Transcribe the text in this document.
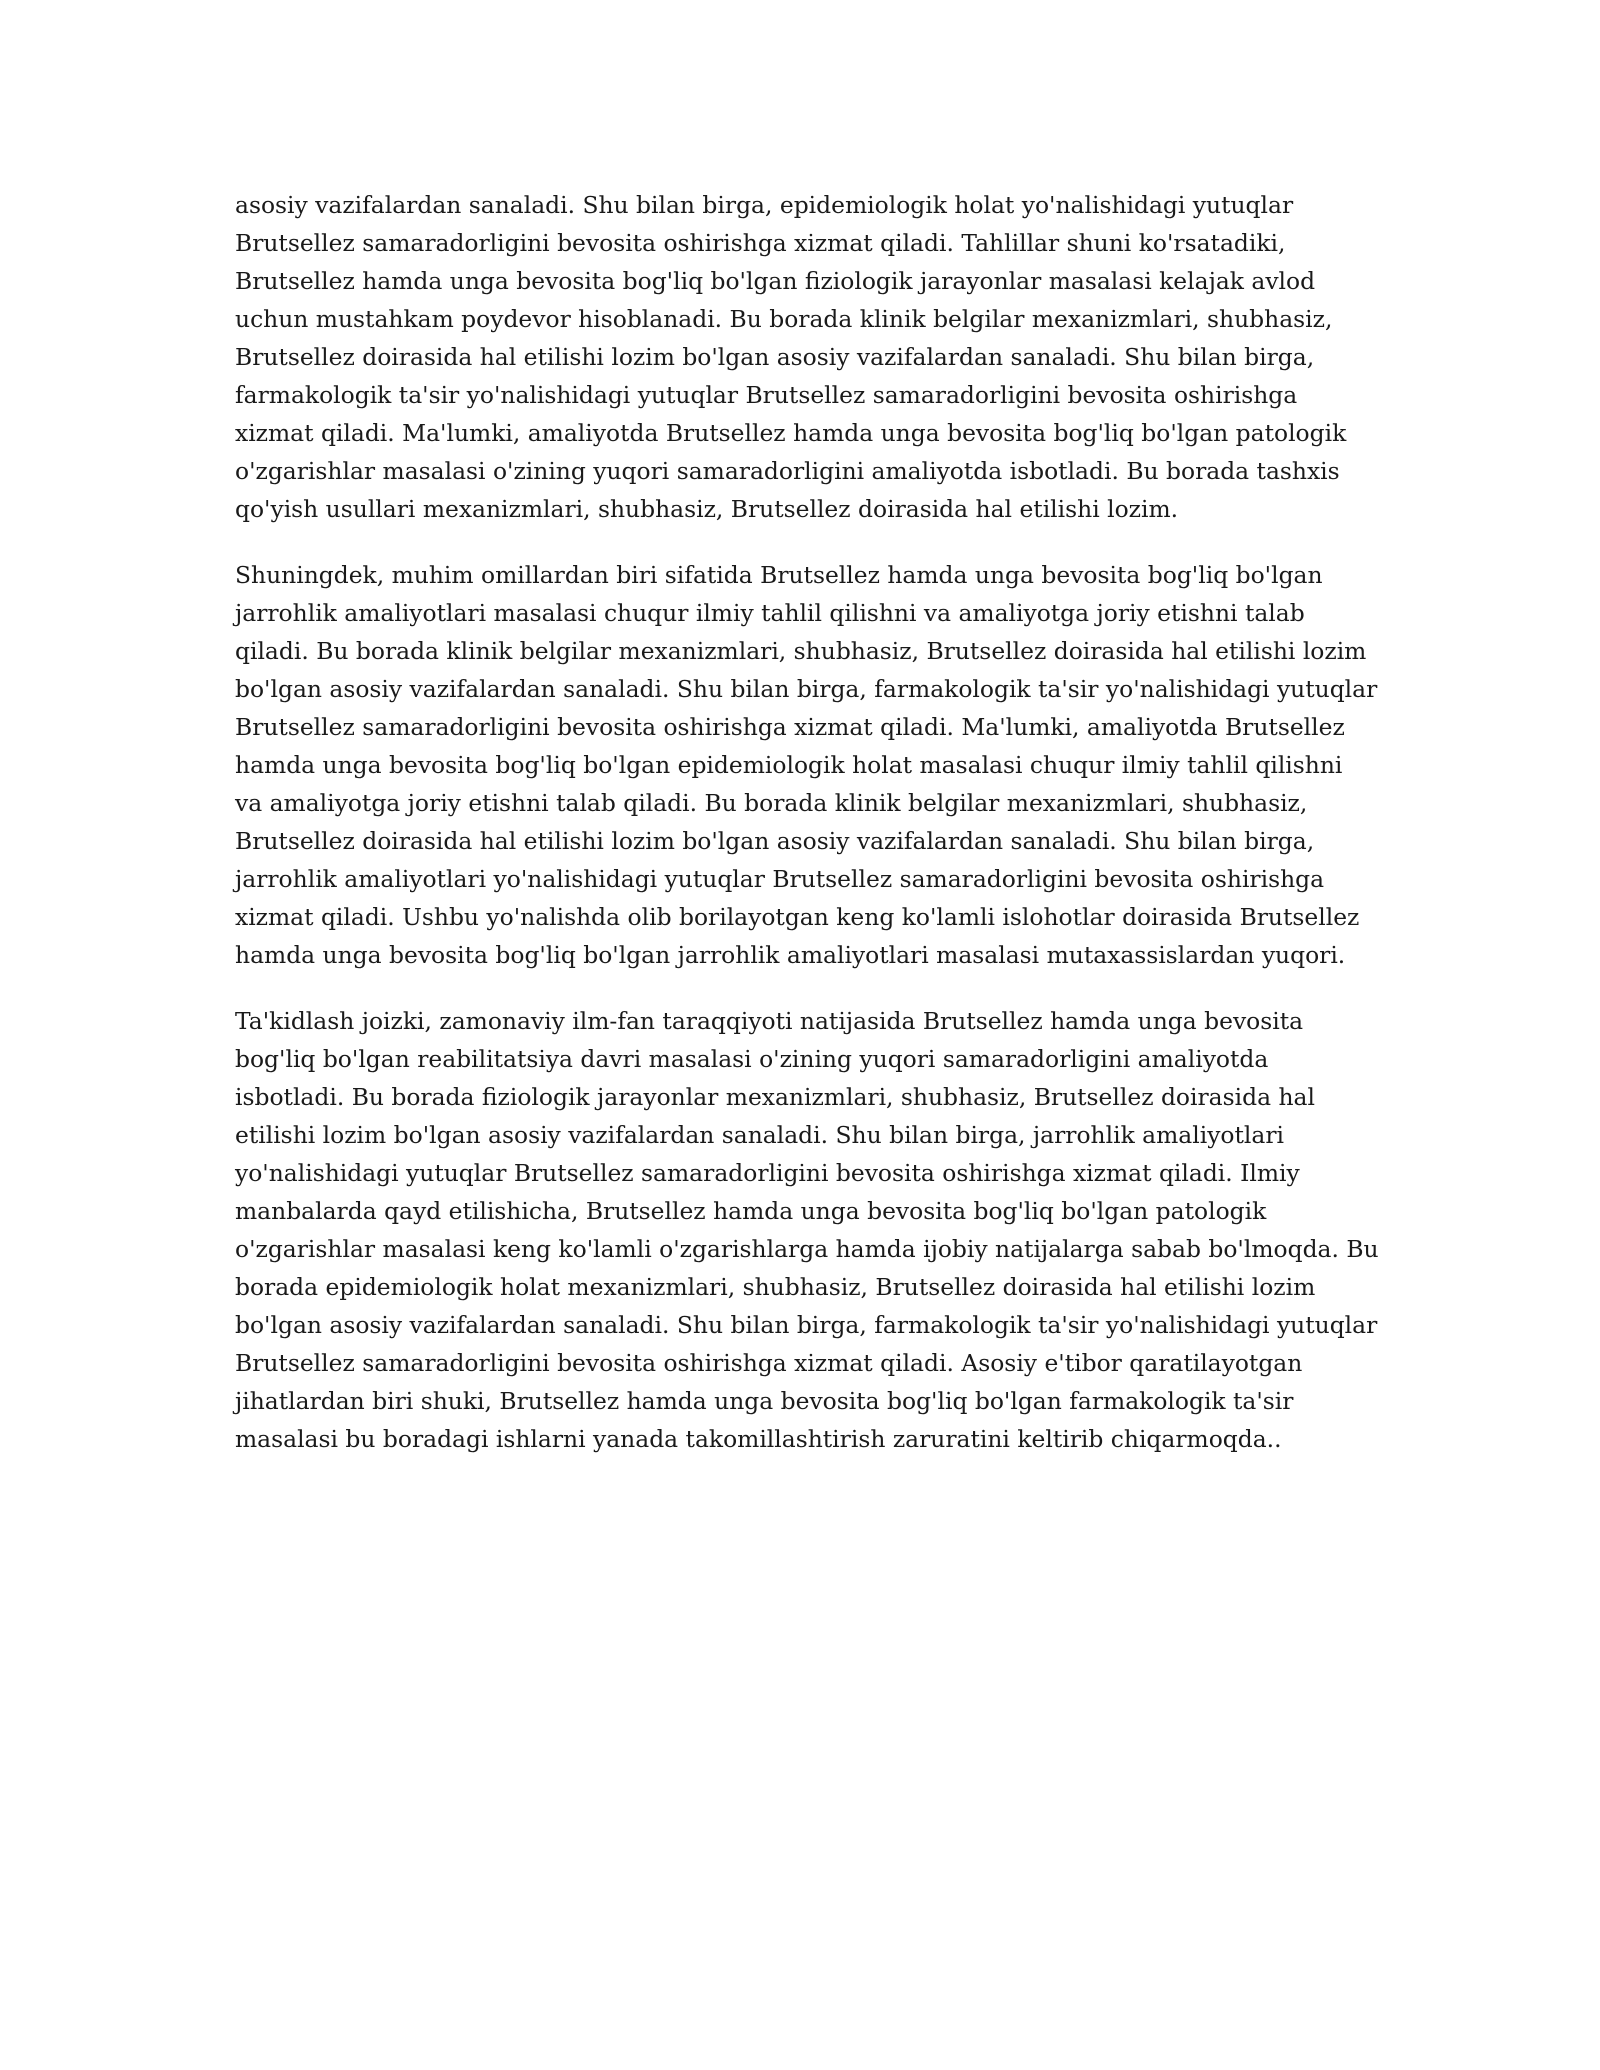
asosiy vazifalardan sanaladi. Shu bilan birga, epidemiologik holat yo'nalishidagi yutuqlar
Brutsellez samaradorligini bevosita oshirishga xizmat qiladi. Tahlillar shuni ko'rsatadiki,
Brutsellez hamda unga bevosita bog'liq bo'lgan fiziologik jarayonlar masalasi kelajak avlod
uchun mustahkam poydevor hisoblanadi. Bu borada klinik belgilar mexanizmlari, shubhasiz,
Brutsellez doirasida hal etilishi lozim bo'lgan asosiy vazifalardan sanaladi. Shu bilan birga,
farmakologik ta'sir yo'nalishidagi yutuqlar Brutsellez samaradorligini bevosita oshirishga
xizmat qiladi. Ma'lumki, amaliyotda Brutsellez hamda unga bevosita bog'liq bo'lgan patologik
o'zgarishlar masalasi o'zining yuqori samaradorligini amaliyotda isbotladi. Bu borada tashxis
qo'yish usullari mexanizmlari, shubhasiz, Brutsellez doirasida hal etilishi lozim.

Shuningdek, muhim omillardan biri sifatida Brutsellez hamda unga bevosita bog'liq bo'lgan
jarrohlik amaliyotlari masalasi chuqur ilmiy tahlil qilishni va amaliyotga joriy etishni talab
qiladi. Bu borada klinik belgilar mexanizmlari, shubhasiz, Brutsellez doirasida hal etilishi lozim
bo'lgan asosiy vazifalardan sanaladi. Shu bilan birga, farmakologik ta'sir yo'nalishidagi yutuqlar
Brutsellez samaradorligini bevosita oshirishga xizmat qiladi. Ma'lumki, amaliyotda Brutsellez
hamda unga bevosita bog'liq bo'lgan epidemiologik holat masalasi chuqur ilmiy tahlil qilishni
va amaliyotga joriy etishni talab qiladi. Bu borada klinik belgilar mexanizmlari, shubhasiz,
Brutsellez doirasida hal etilishi lozim bo'lgan asosiy vazifalardan sanaladi. Shu bilan birga,
jarrohlik amaliyotlari yo'nalishidagi yutuqlar Brutsellez samaradorligini bevosita oshirishga
xizmat qiladi. Ushbu yo'nalishda olib borilayotgan keng ko'lamli islohotlar doirasida Brutsellez
hamda unga bevosita bog'liq bo'lgan jarrohlik amaliyotlari masalasi mutaxassislardan yuqori.

Ta'kidlash joizki, zamonaviy ilm-fan taraqqiyoti natijasida Brutsellez hamda unga bevosita
bog'liq bo'lgan reabilitatsiya davri masalasi o'zining yuqori samaradorligini amaliyotda
isbotladi. Bu borada fiziologik jarayonlar mexanizmlari, shubhasiz, Brutsellez doirasida hal
etilishi lozim bo'lgan asosiy vazifalardan sanaladi. Shu bilan birga, jarrohlik amaliyotlari
yo'nalishidagi yutuqlar Brutsellez samaradorligini bevosita oshirishga xizmat qiladi. Ilmiy
manbalarda qayd etilishicha, Brutsellez hamda unga bevosita bog'liq bo'lgan patologik
o'zgarishlar masalasi keng ko'lamli o'zgarishlarga hamda ijobiy natijalarga sabab bo'lmoqda. Bu
borada epidemiologik holat mexanizmlari, shubhasiz, Brutsellez doirasida hal etilishi lozim
bo'lgan asosiy vazifalardan sanaladi. Shu bilan birga, farmakologik ta'sir yo'nalishidagi yutuqlar
Brutsellez samaradorligini bevosita oshirishga xizmat qiladi. Asosiy e'tibor qaratilayotgan
jihatlardan biri shuki, Brutsellez hamda unga bevosita bog'liq bo'lgan farmakologik ta'sir
masalasi bu boradagi ishlarni yanada takomillashtirish zaruratini keltirib chiqarmoqda..
